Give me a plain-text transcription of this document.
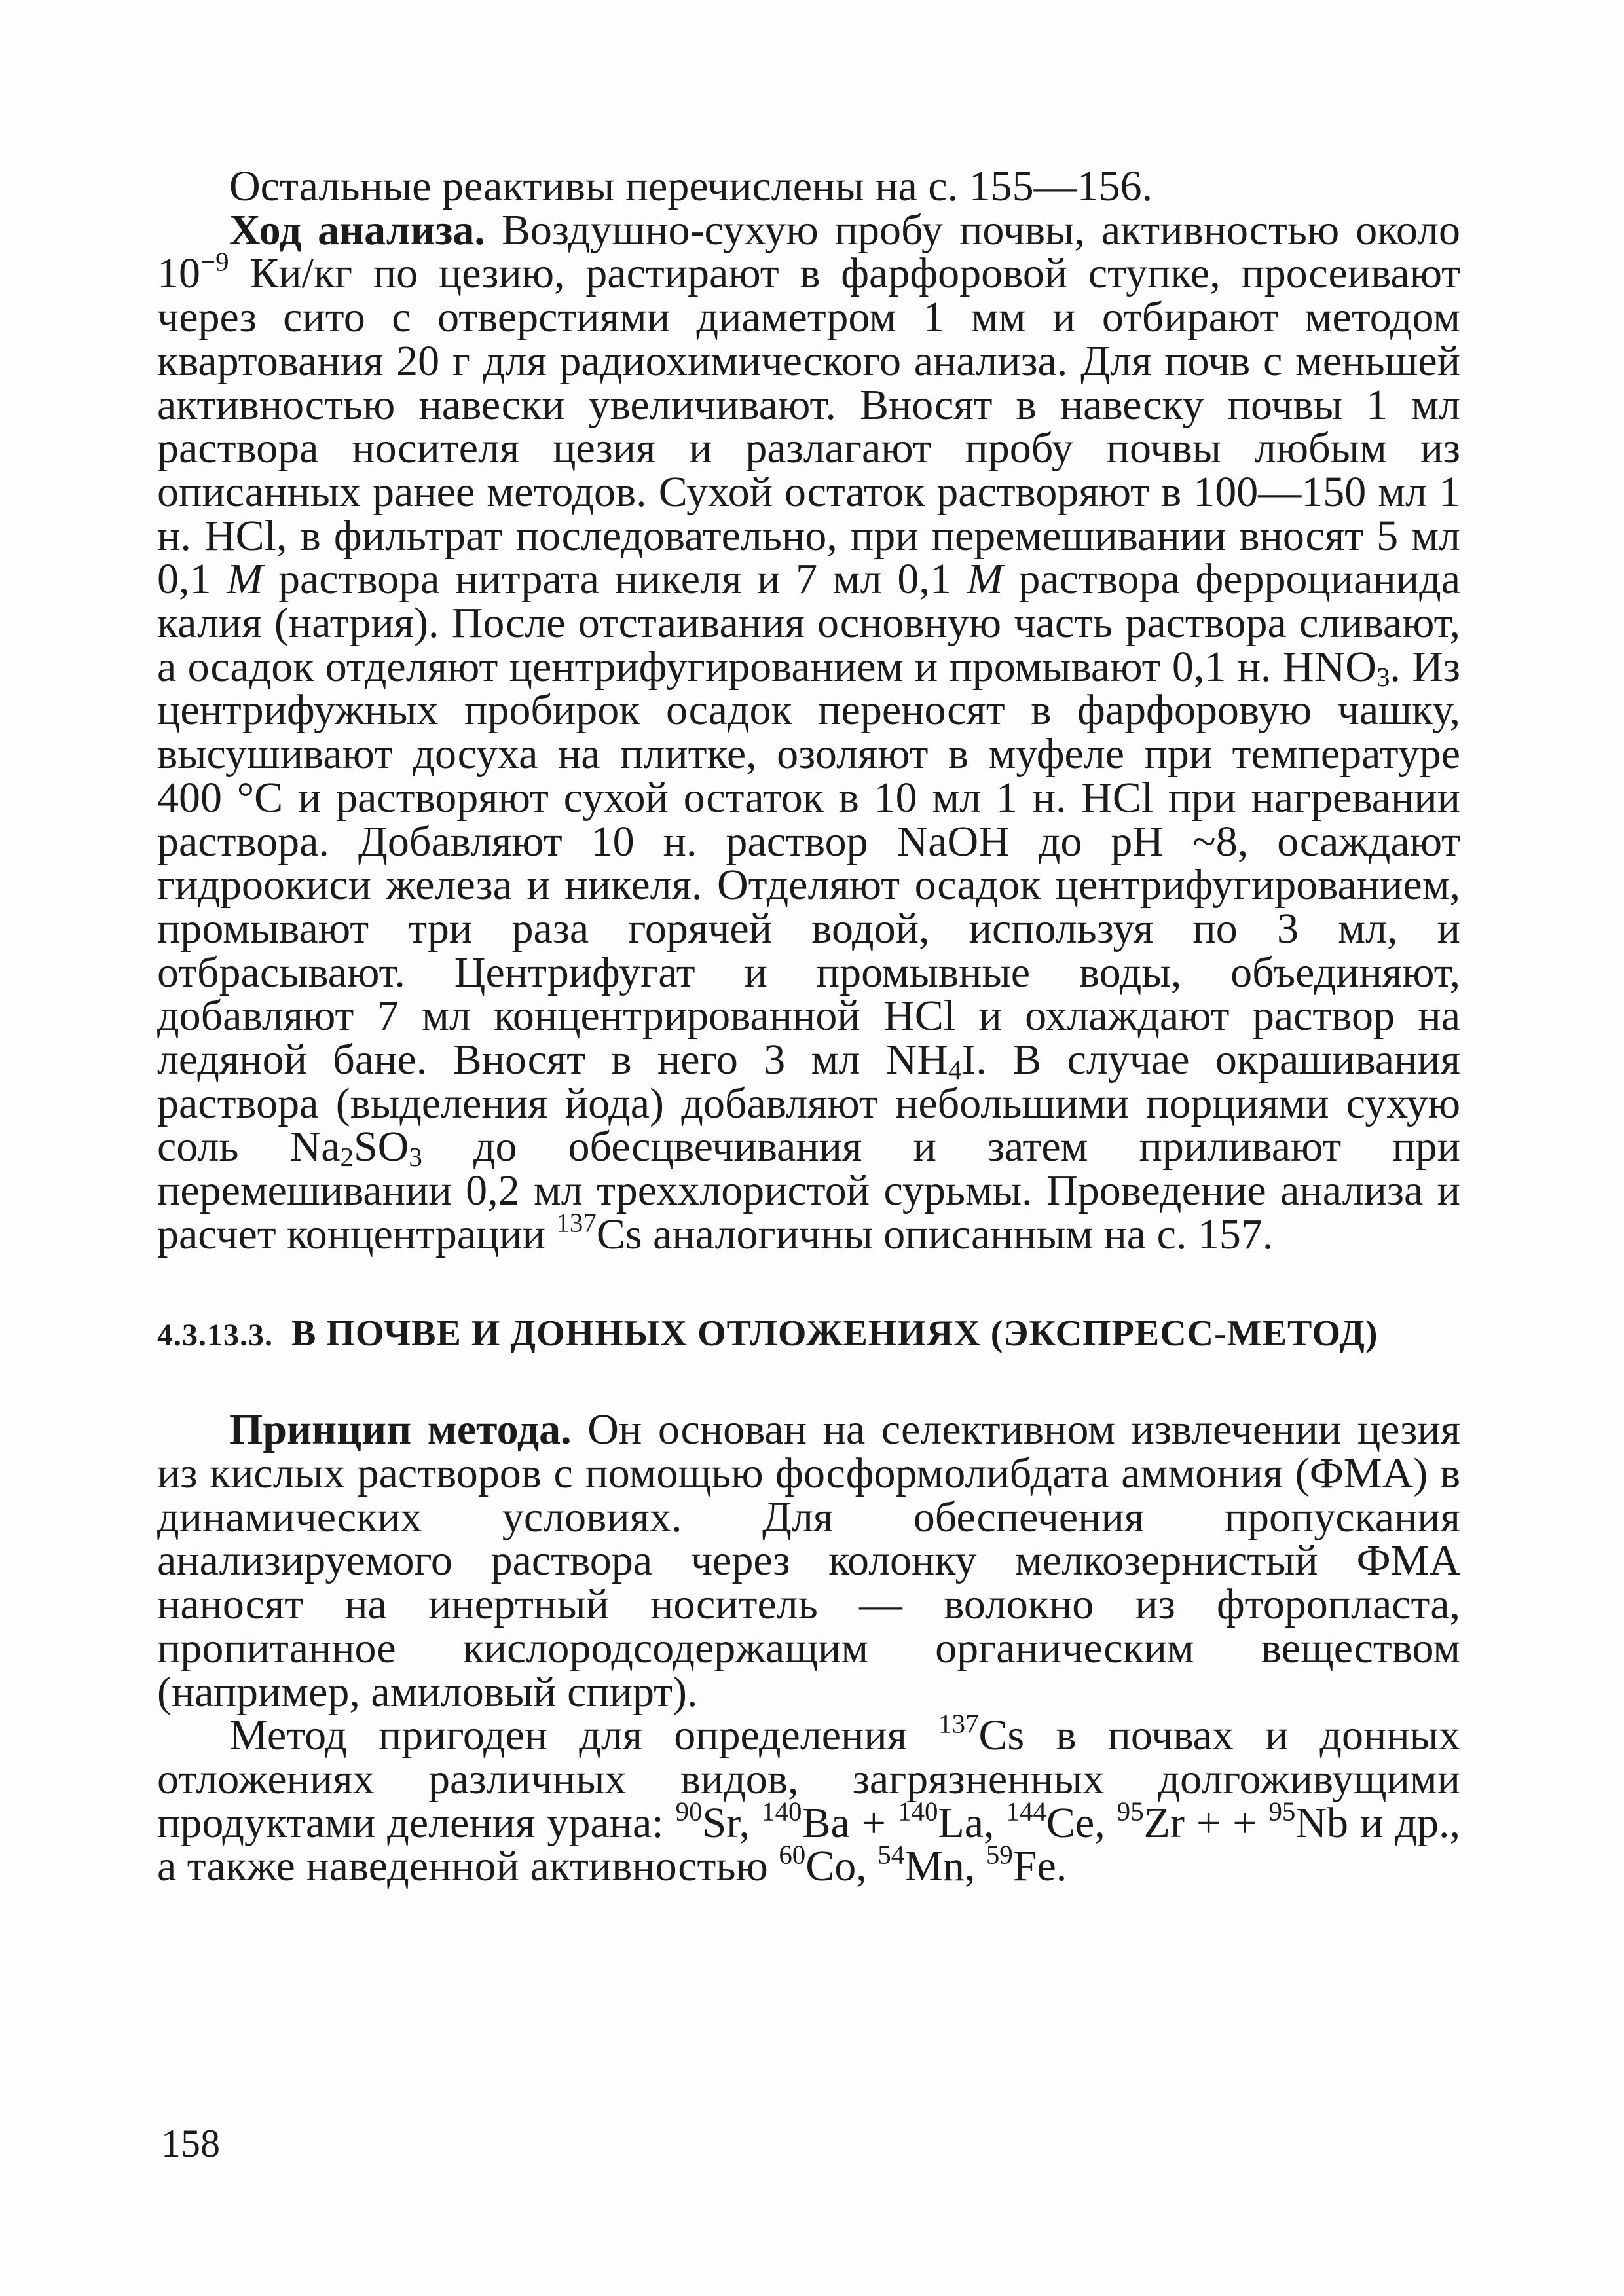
Остальные реактивы перечислены на с. 155—156.

Ход анализа. Воздушно-сухую пробу почвы, активностью около $10^{-9}$ Ки/кг по цезию, растирают в фарфоровой ступке, просеивают через сито с отверстиями диаметром 1 мм и отбирают методом квартования 20 г для радиохимического анализа. Для почв с меньшей активностью навески увеличивают. Вносят в навеску почвы 1 мл раствора носителя цезия и разлагают пробу почвы любым из описанных ранее методов. Сухой остаток растворяют в 100—150 мл 1 н. HCl, в фильтрат последовательно, при перемешивании вносят 5 мл 0,1 М раствора нитрата никеля и 7 мл 0,1 М раствора ферроцианида калия (натрия). После отстаивания основную часть раствора сливают, а осадок отделяют центрифугированием и промывают 0,1 н. $HNO_3$. Из центрифужных пробирок осадок переносят в фарфоровую чашку, высушивают досуха на плитке, озоляют в муфеле при температуре 400 °С и растворяют сухой остаток в 10 мл 1 н. HCl при нагревании раствора. Добавляют 10 н. раствор NaOH до pH ~8, осаждают гидроокиси железа и никеля. Отделяют осадок центрифугированием, промывают три раза горячей водой, используя по 3 мл, и отбрасывают. Центрифугат и промывные воды, объединяют, добавляют 7 мл концентрированной HCl и охлаждают раствор на ледяной бане. Вносят в него 3 мл $NH_4I$. В случае окрашивания раствора (выделения йода) добавляют небольшими порциями сухую соль $Na_2SO_3$ до обесцвечивания и затем приливают при перемешивании 0,2 мл треххлористой сурьмы. Проведение анализа и расчет концентрации $^{137}$Cs аналогичны описанным на с. 157.

4.3.13.3. В ПОЧВЕ И ДОННЫХ ОТЛОЖЕНИЯХ (ЭКСПРЕСС-МЕТОД)

Принцип метода. Он основан на селективном извлечении цезия из кислых растворов с помощью фосформолибдата аммония (ФМА) в динамических условиях. Для обеспечения пропускания анализируемого раствора через колонку мелкозернистый ФМА наносят на инертный носитель — волокно из фторопласта, пропитанное кислородсодержащим органическим веществом (например, амиловый спирт).

Метод пригоден для определения $^{137}$Cs в почвах и донных отложениях различных видов, загрязненных долгоживущими продуктами деления урана: $^{90}$Sr, $^{140}$Ba + $^{140}$La, $^{144}$Ce, $^{95}$Zr + + $^{95}$Nb и др., а также наведенной активностью $^{60}$Co, $^{54}$Mn, $^{59}$Fe.

158
